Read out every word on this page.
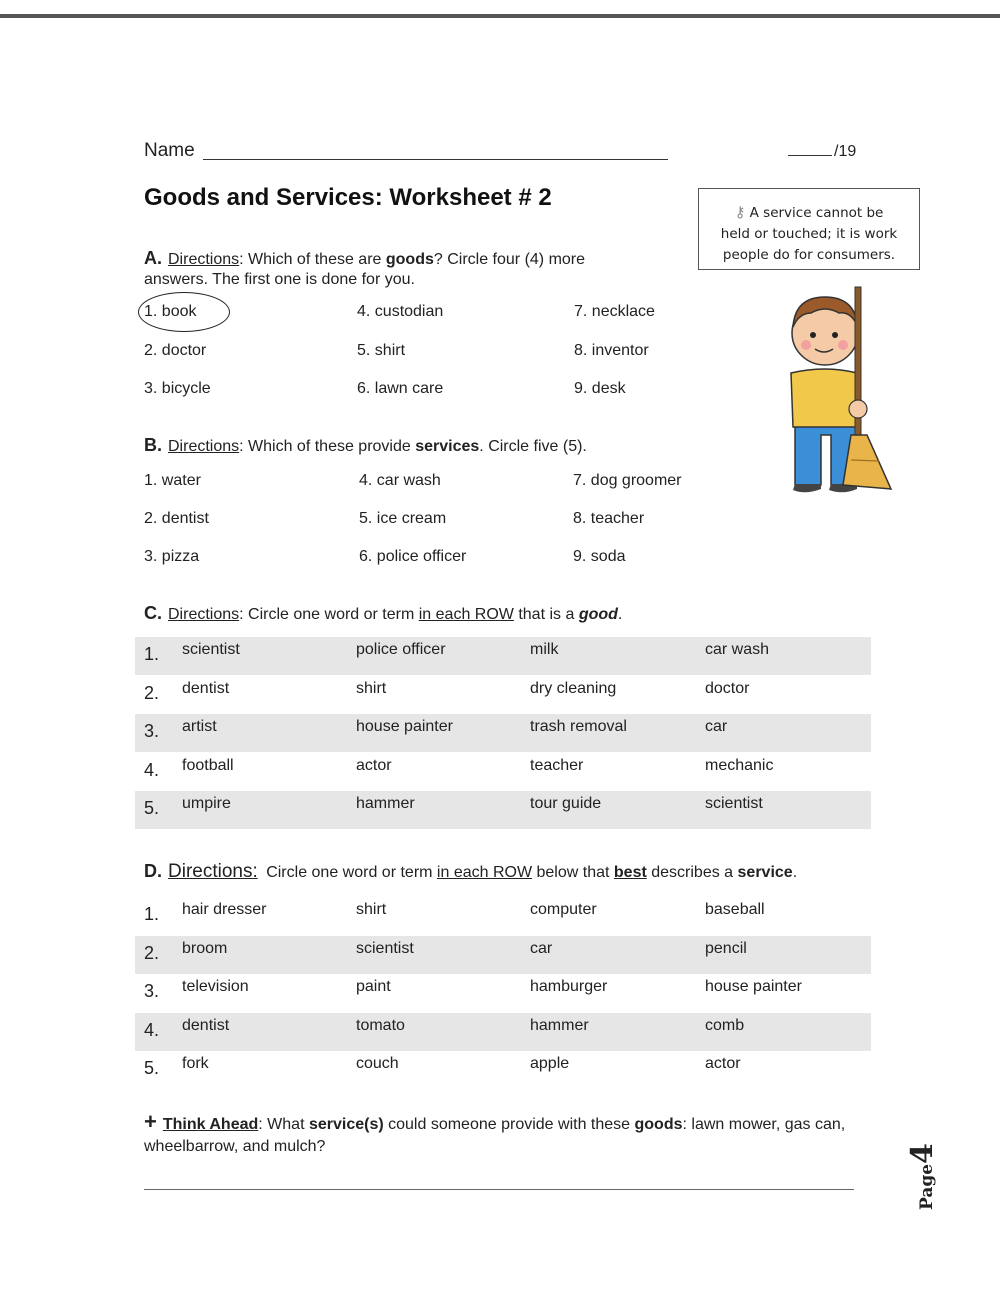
Name	/19
Goods and Services: Worksheet # 2
⚷ A service cannot be
held or touched; it is work
people do for consumers.
A. Directions: Which of these are goods? Circle four (4) more
answers. The first one is done for you.
1. book	4. custodian	7. necklace
2. doctor	5. shirt	8. inventor
3. bicycle	6. lawn care	9. desk
B. Directions: Which of these provide services. Circle five (5).
1. water	4. car wash	7. dog groomer
2. dentist	5. ice cream	8. teacher
3. pizza	6. police officer	9. soda
C. Directions: Circle one word or term in each ROW that is a good.
1. scientist	police officer	milk	car wash
2. dentist	shirt	dry cleaning	doctor
3. artist	house painter	trash removal	car
4. football	actor	teacher	mechanic
5. umpire	hammer	tour guide	scientist
D. Directions: Circle one word or term in each ROW below that best describes a service.
1. hair dresser	shirt	computer	baseball
2. broom	scientist	car	pencil
3. television	paint	hamburger	house painter
4. dentist	tomato	hammer	comb
5. fork	couch	apple	actor
+ Think Ahead: What service(s) could someone provide with these goods: lawn mower, gas can, wheelbarrow, and mulch?
Page4
